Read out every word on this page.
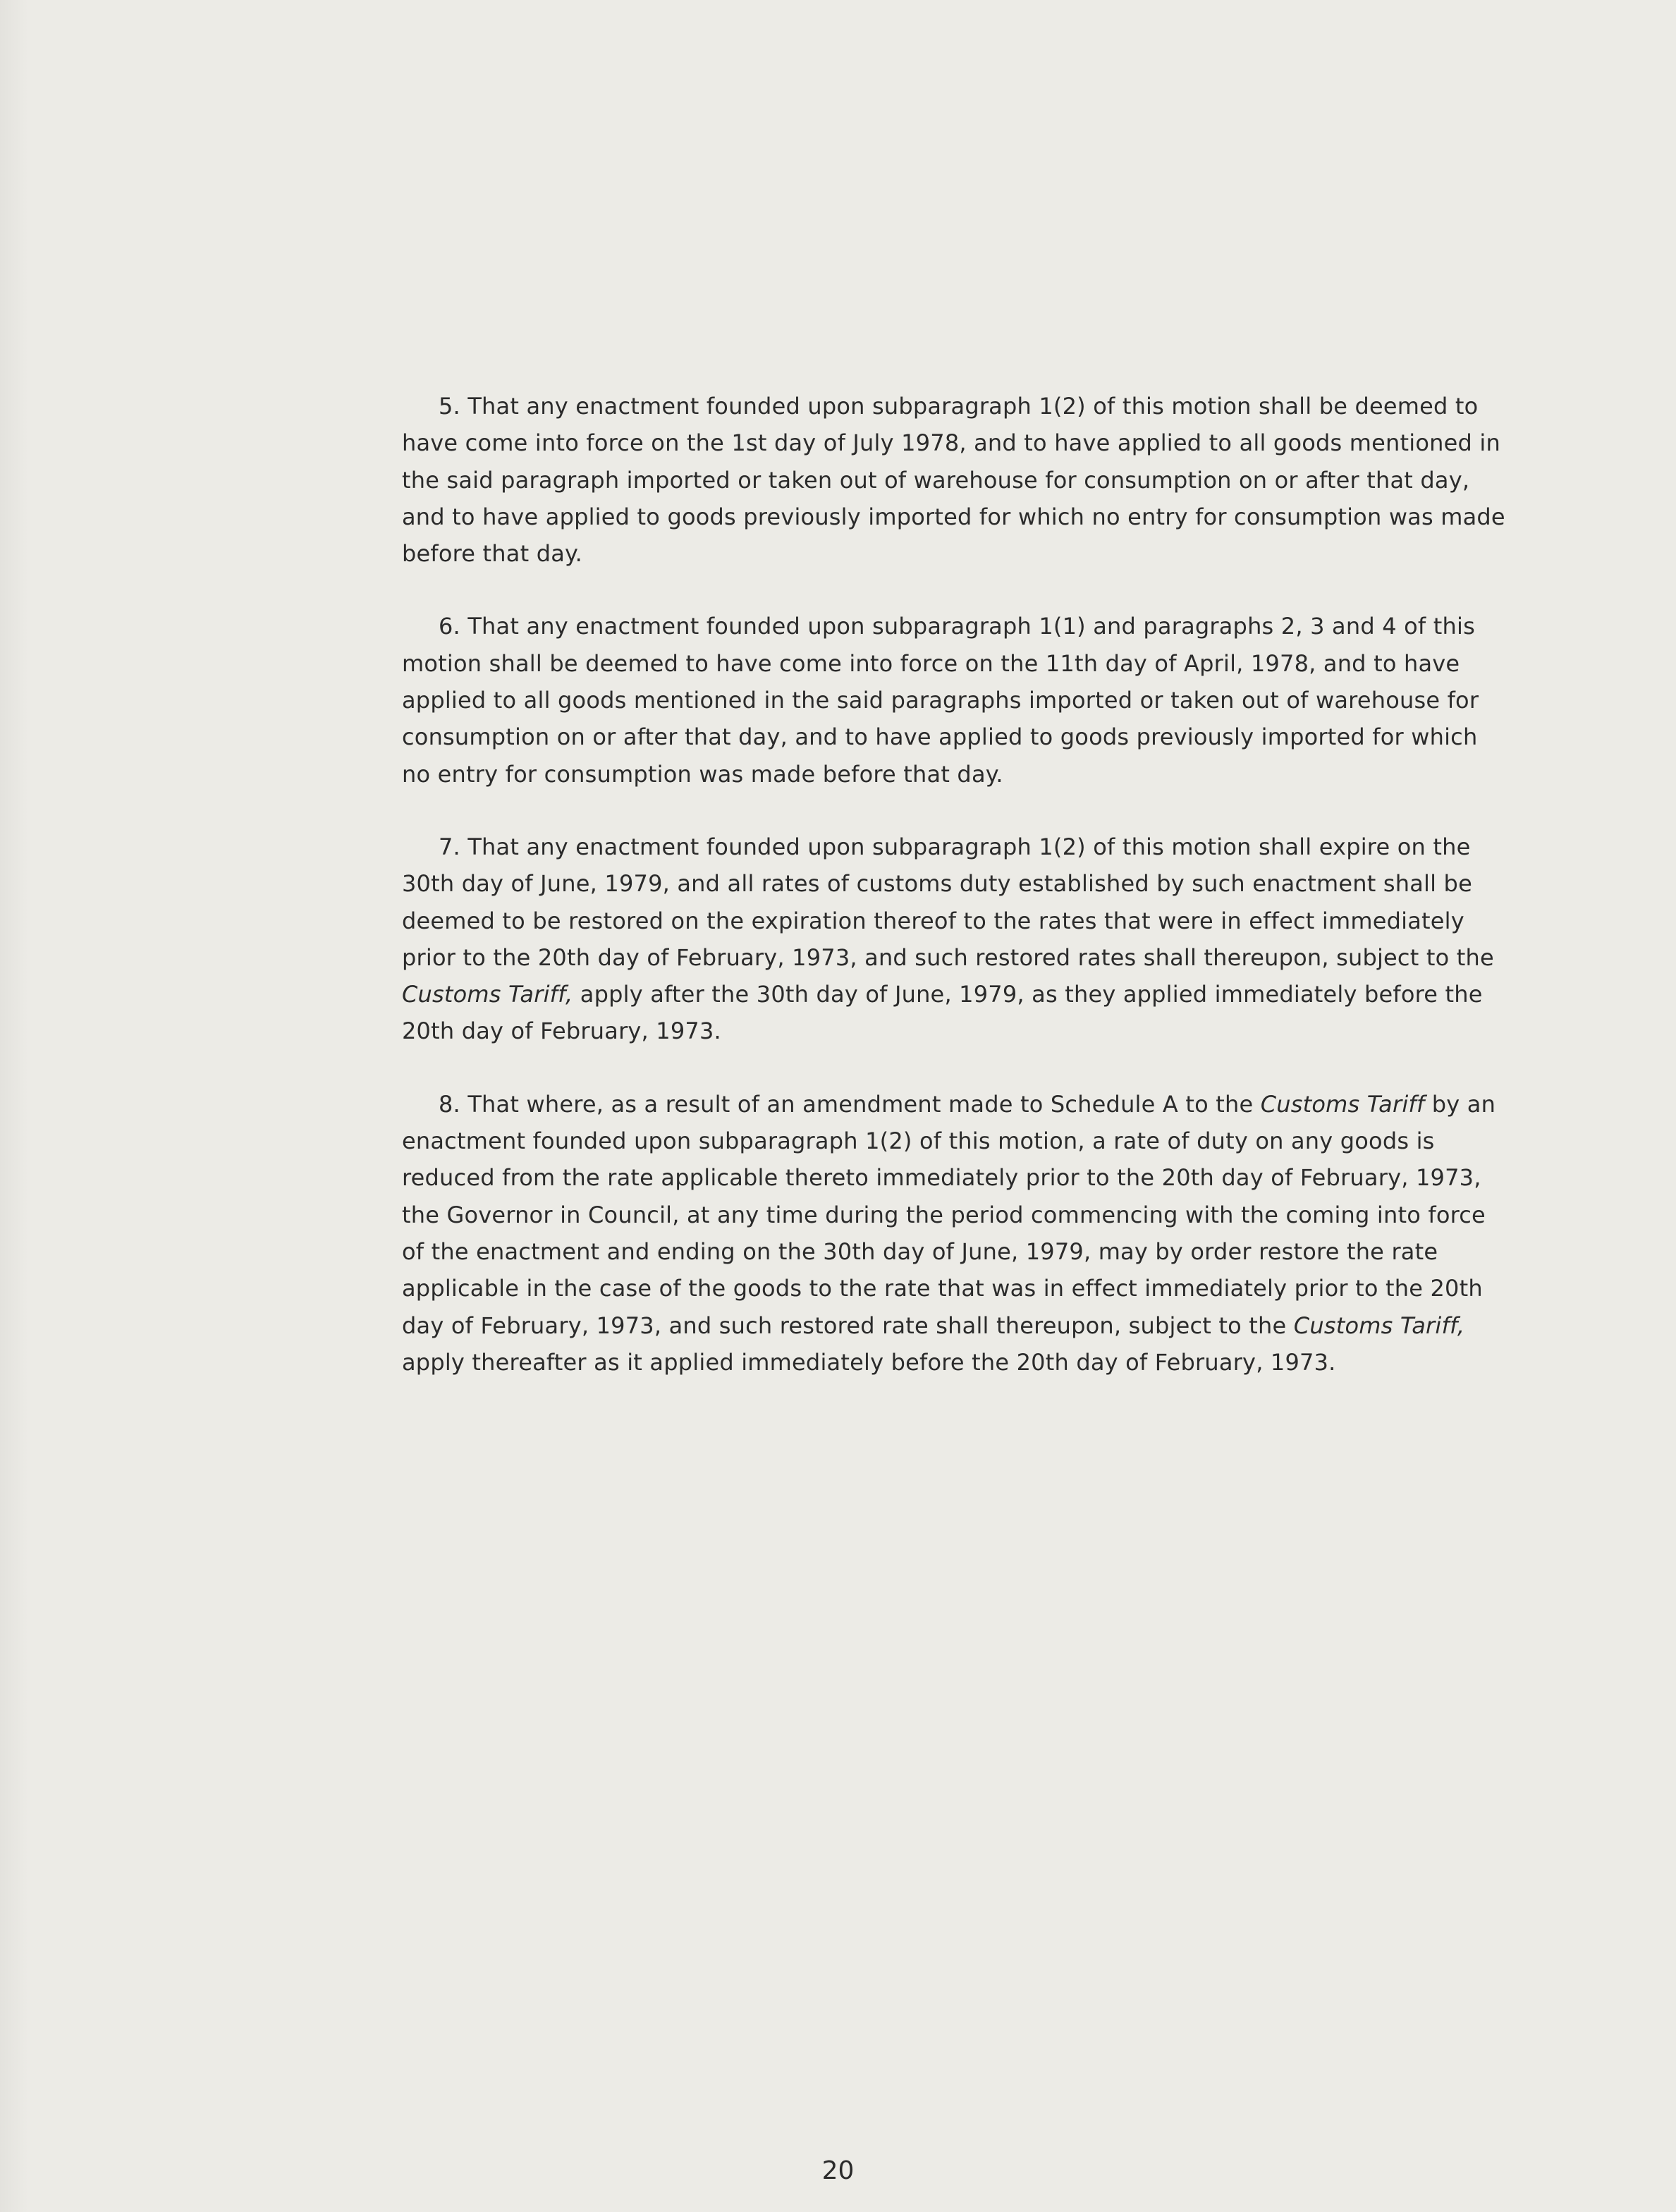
5. That any enactment founded upon subparagraph 1(2) of this motion shall be deemed to have come into force on the 1st day of July 1978, and to have applied to all goods mentioned in the said paragraph imported or taken out of warehouse for consumption on or after that day, and to have applied to goods previously imported for which no entry for consumption was made before that day.

6. That any enactment founded upon subparagraph 1(1) and paragraphs 2, 3 and 4 of this motion shall be deemed to have come into force on the 11th day of April, 1978, and to have applied to all goods mentioned in the said paragraphs imported or taken out of warehouse for consumption on or after that day, and to have applied to goods previously imported for which no entry for consumption was made before that day.

7. That any enactment founded upon subparagraph 1(2) of this motion shall expire on the 30th day of June, 1979, and all rates of customs duty established by such enactment shall be deemed to be restored on the expiration thereof to the rates that were in effect immediately prior to the 20th day of February, 1973, and such restored rates shall thereupon, subject to the Customs Tariff, apply after the 30th day of June, 1979, as they applied immediately before the 20th day of February, 1973.

8. That where, as a result of an amendment made to Schedule A to the Customs Tariff by an enactment founded upon subparagraph 1(2) of this motion, a rate of duty on any goods is reduced from the rate applicable thereto immediately prior to the 20th day of February, 1973, the Governor in Council, at any time during the period commencing with the coming into force of the enactment and ending on the 30th day of June, 1979, may by order restore the rate applicable in the case of the goods to the rate that was in effect immediately prior to the 20th day of February, 1973, and such restored rate shall thereupon, subject to the Customs Tariff, apply thereafter as it applied immediately before the 20th day of February, 1973.

20
